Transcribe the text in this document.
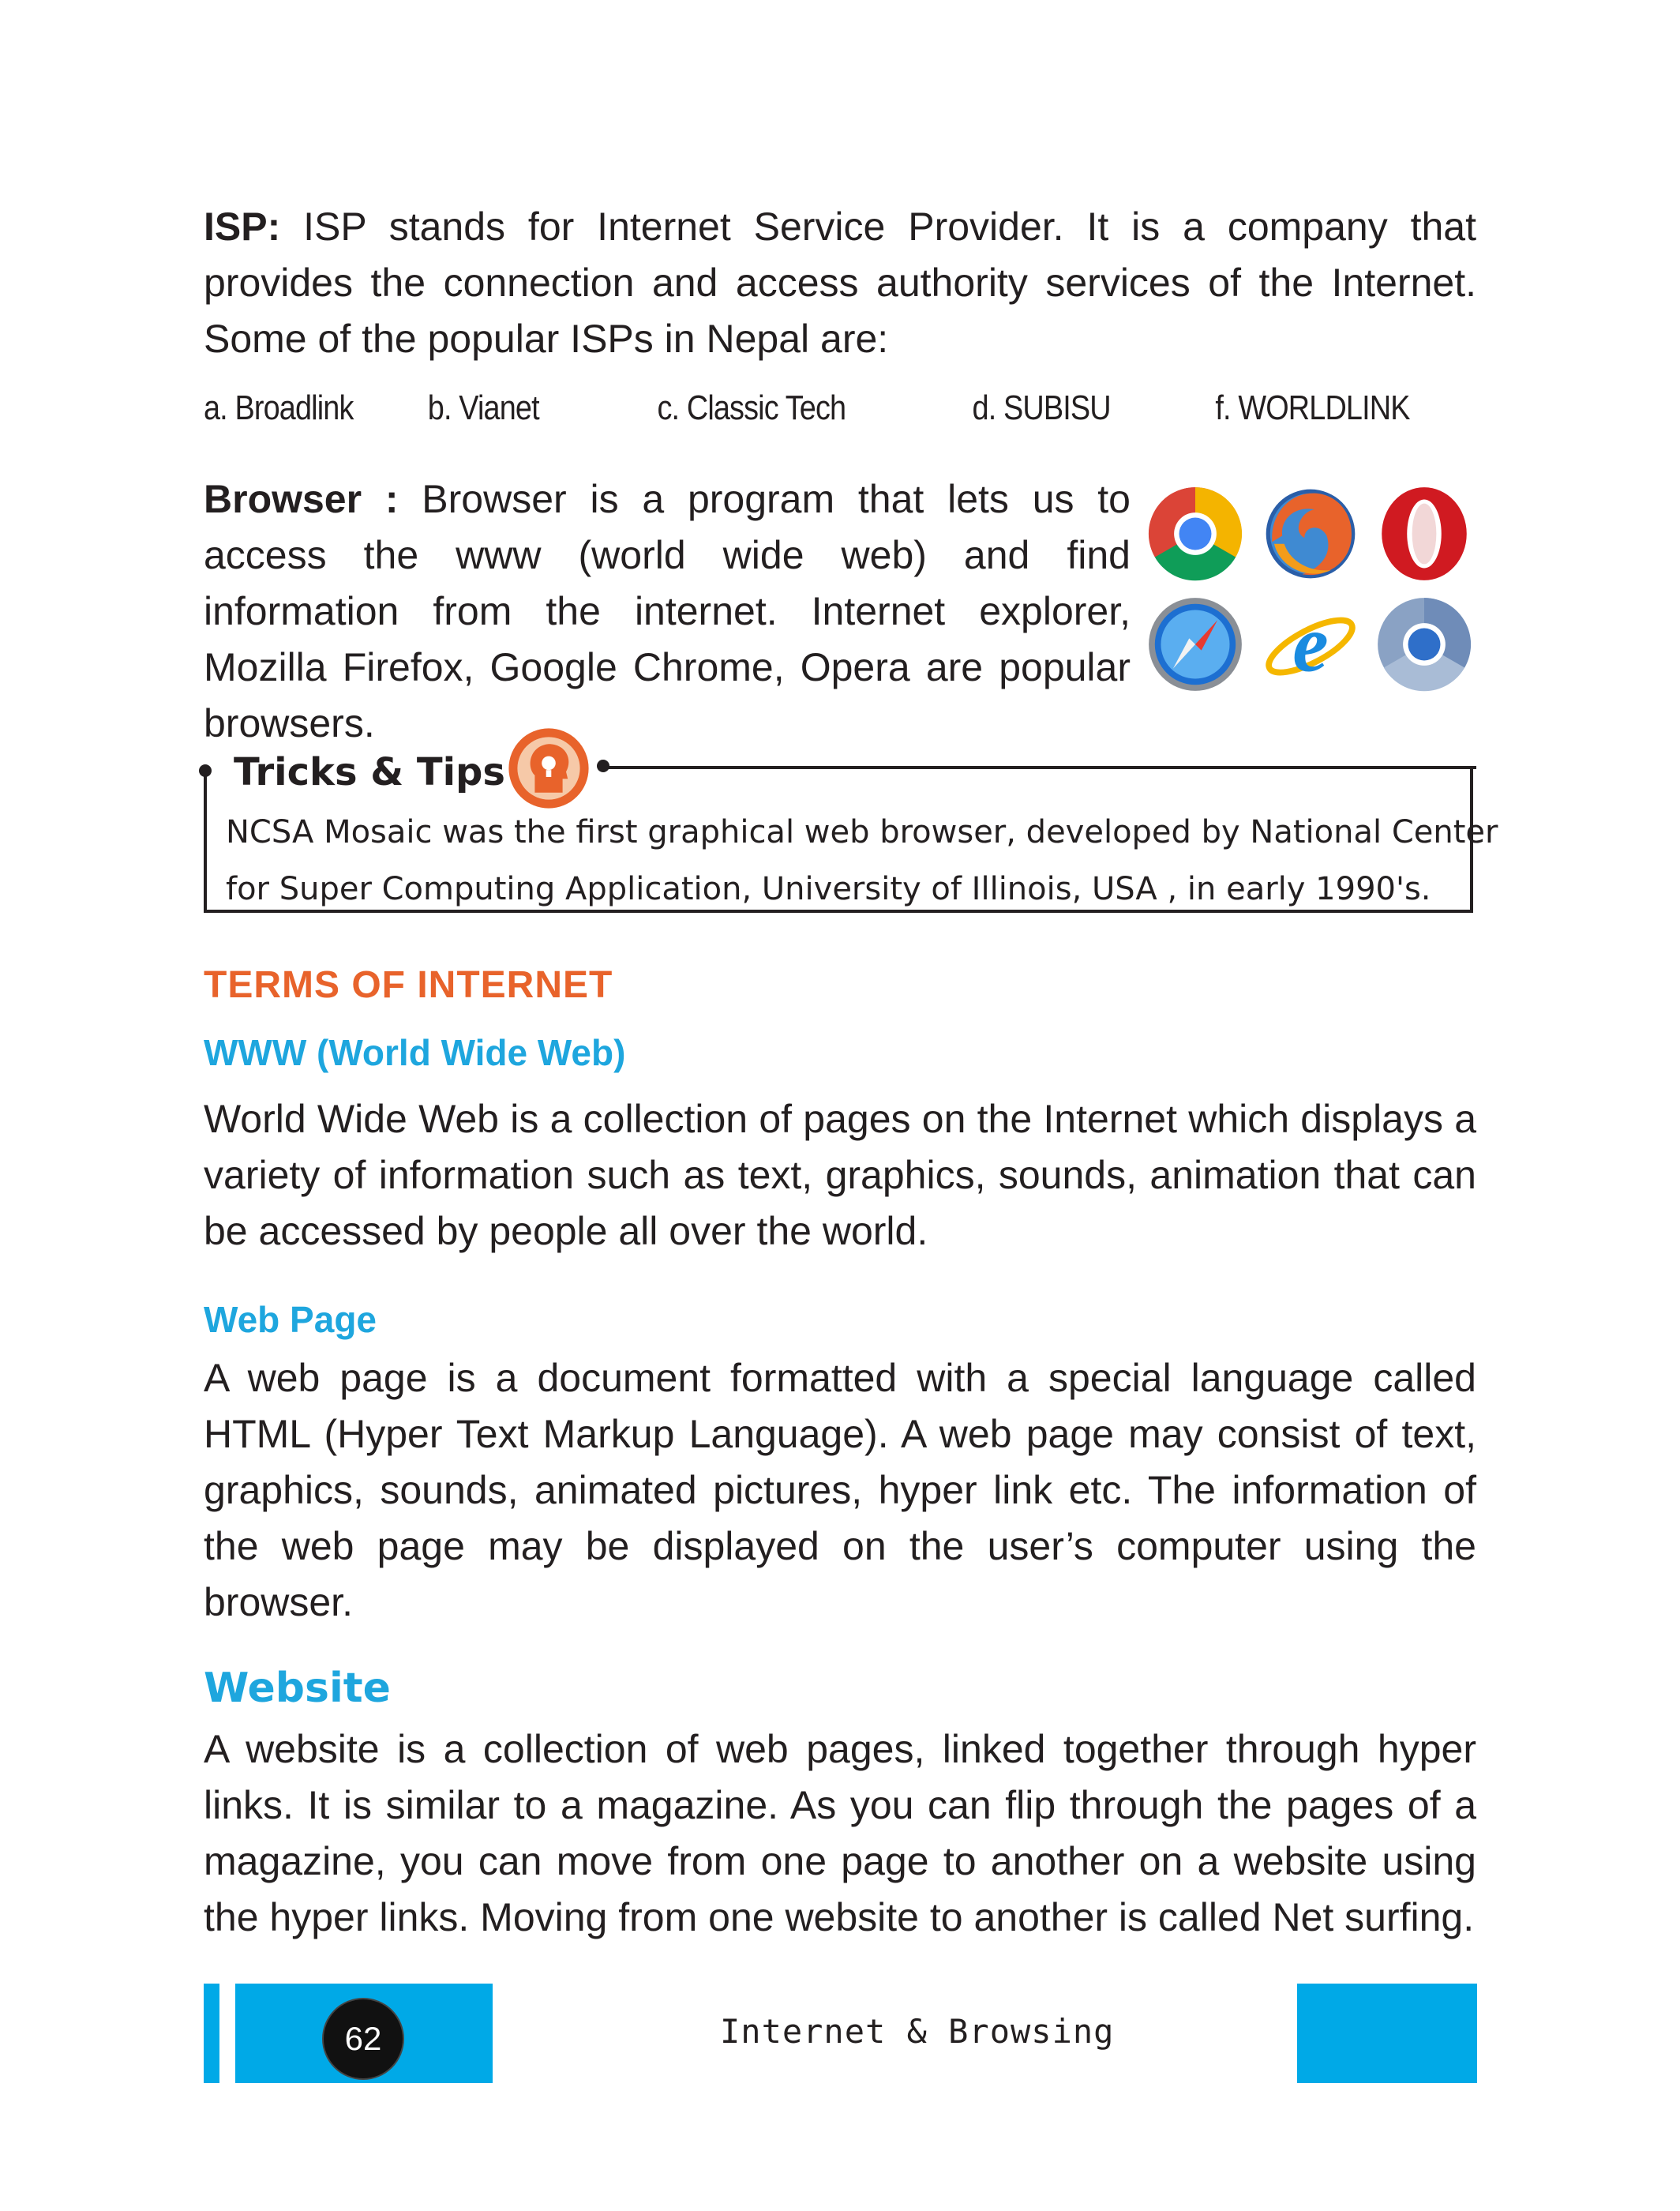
ISP: ISP stands for Internet Service Provider. It is a company that provides the connection and access authority services of the Internet. Some of the popular ISPs in Nepal are:

a. Broadlink b. Vianet	c. Classic Tech	d. SUBISU	f. WORLDLINK

Browser : Browser is a program that lets us to access the www (world wide web) and find information from the internet. Internet explorer, Mozilla Firefox, Google Chrome, Opera are popular browsers.

e
Tricks & Tips
NCSA Mosaic was the first graphical web browser, developed by National Center
for Super Computing Application, University of Illinois, USA , in early 1990's.
TERMS OF INTERNET
WWW (World Wide Web)

World Wide Web is a collection of pages on the Internet which displays a variety of information such as text, graphics, sounds, animation that can be accessed by people all over the world.

Web Page

A web page is a document formatted with a special language called HTML (Hyper Text Markup Language). A web page may consist of text, graphics, sounds, animated pictures, hyper link etc. The information of the web page may be displayed on the user’s computer using the browser.

Website

A website is a collection of web pages, linked together through hyper links. It is similar to a magazine. As you can flip through the pages of a magazine, you can move from one page to another on a website using the hyper links. Moving from one website to another is called Net surfing.

62	Internet & Browsing
